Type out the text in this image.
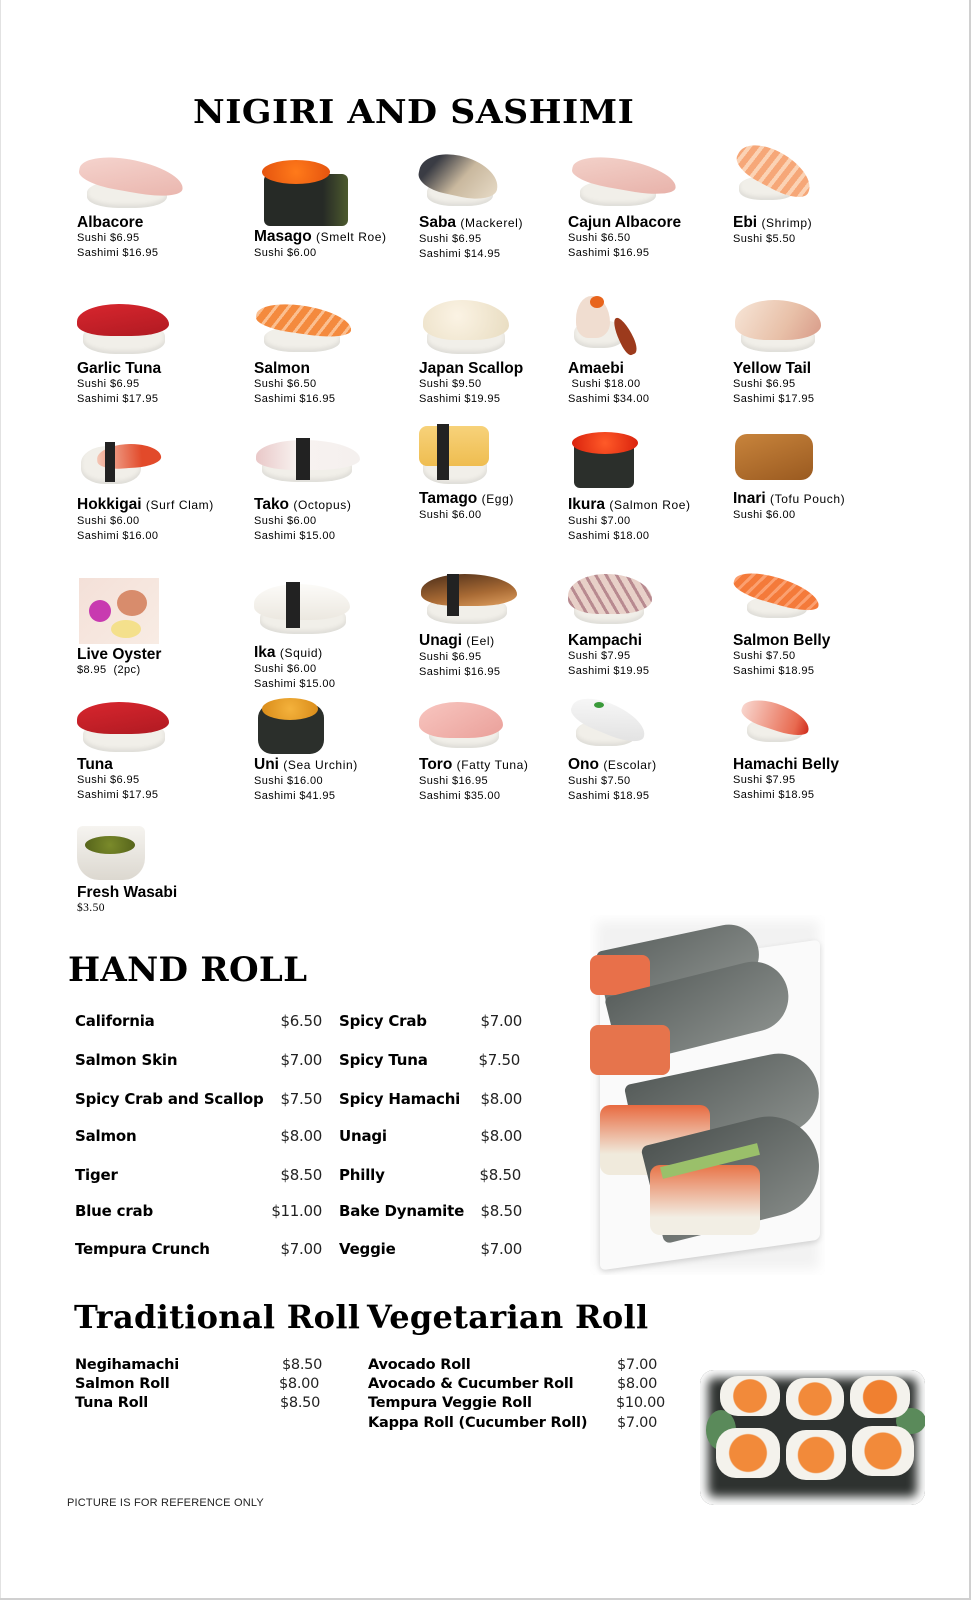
NIGIRI AND SASHIMI
Albacore
Sushi $6.95
Sashimi $16.95
Masago (Smelt Roe)
Sushi $6.00
Saba (Mackerel)
Sushi $6.95
Sashimi $14.95
Cajun Albacore
Sushi $6.50
Sashimi $16.95
Ebi (Shrimp)
Sushi $5.50
Garlic Tuna
Sushi $6.95
Sashimi $17.95
Salmon
Sushi $6.50
Sashimi $16.95
Japan Scallop
Sushi $9.50
Sashimi $19.95
Amaebi
Sushi $18.00
Sashimi $34.00
Yellow Tail
Sushi $6.95
Sashimi $17.95
Hokkigai (Surf Clam)
Sushi $6.00
Sashimi $16.00
Tako (Octopus)
Sushi $6.00
Sashimi $15.00
Tamago (Egg)
Sushi $6.00
Ikura (Salmon Roe)
Sushi $7.00
Sashimi $18.00
Inari (Tofu Pouch)
Sushi $6.00
Live Oyster
$8.95  (2pc)
Ika (Squid)
Sushi $6.00
Sashimi $15.00
Unagi (Eel)
Sushi $6.95
Sashimi $16.95
Kampachi
Sushi $7.95
Sashimi $19.95
Salmon Belly
Sushi $7.50
Sashimi $18.95
Tuna
Sushi $6.95
Sashimi $17.95
Uni (Sea Urchin)
Sushi $16.00
Sashimi $41.95
Toro (Fatty Tuna)
Sushi $16.95
Sashimi $35.00
Ono (Escolar)
Sushi $7.50
Sashimi $18.95
Hamachi Belly
Sushi $7.95
Sashimi $18.95
Fresh Wasabi
$3.50
HAND ROLL
California	$6.50
Salmon Skin	$7.00
Spicy Crab and Scallop	$7.50
Salmon	$8.00
Tiger	$8.50
Blue crab	$11.00
Tempura Crunch	$7.00
Spicy Crab	$7.00
Spicy Tuna	$7.50
Spicy Hamachi	$8.00
Unagi	$8.00
Philly	$8.50
Bake Dynamite	$8.50
Veggie	$7.00
Traditional Roll Vegetarian Roll
Negihamachi	$8.50
Salmon Roll	$8.00
Tuna Roll	$8.50
Avocado Roll	$7.00
Avocado & Cucumber Roll	$8.00
Tempura Veggie Roll	$10.00
Kappa Roll (Cucumber Roll) $7.00
PICTURE IS FOR REFERENCE ONLY
